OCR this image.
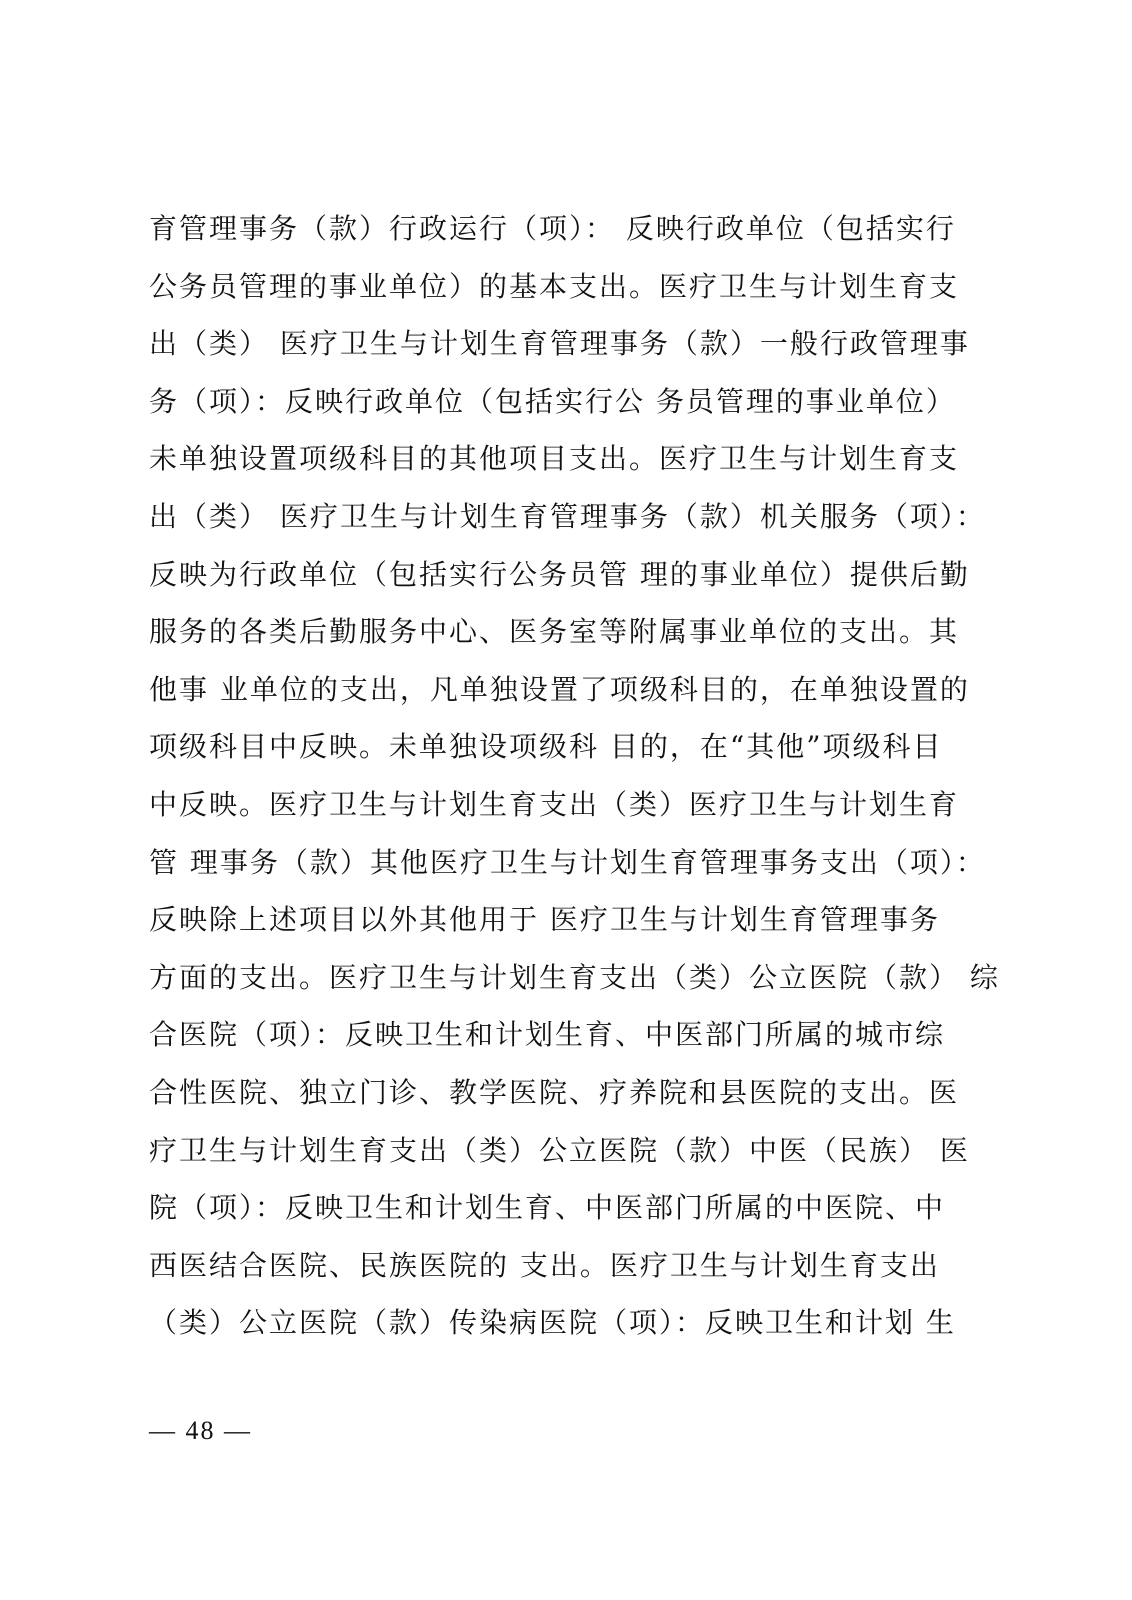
育管理事务（款）行政运行（项）： 反映行政单位（包括实行
公务员管理的事业单位）的基本支出。医疗卫生与计划生育支
出（类） 医疗卫生与计划生育管理事务（款）一般行政管理事
务（项）：反映行政单位（包括实行公 务员管理的事业单位）
未单独设置项级科目的其他项目支出。医疗卫生与计划生育支
出（类） 医疗卫生与计划生育管理事务（款）机关服务（项）：
反映为行政单位（包括实行公务员管 理的事业单位）提供后勤
服务的各类后勤服务中心、医务室等附属事业单位的支出。其
他事 业单位的支出，凡单独设置了项级科目的，在单独设置的
项级科目中反映。未单独设项级科 目的，在“其他”项级科目
中反映。医疗卫生与计划生育支出（类）医疗卫生与计划生育
管 理事务（款）其他医疗卫生与计划生育管理事务支出（项）：
反映除上述项目以外其他用于 医疗卫生与计划生育管理事务
方面的支出。医疗卫生与计划生育支出（类）公立医院（款） 综
合医院（项）：反映卫生和计划生育、中医部门所属的城市综
合性医院、独立门诊、教学医院、疗养院和县医院的支出。医
疗卫生与计划生育支出（类）公立医院（款）中医（民族） 医
院（项）：反映卫生和计划生育、中医部门所属的中医院、中
西医结合医院、民族医院的 支出。医疗卫生与计划生育支出
（类）公立医院（款）传染病医院（项）：反映卫生和计划 生
— 48 —
